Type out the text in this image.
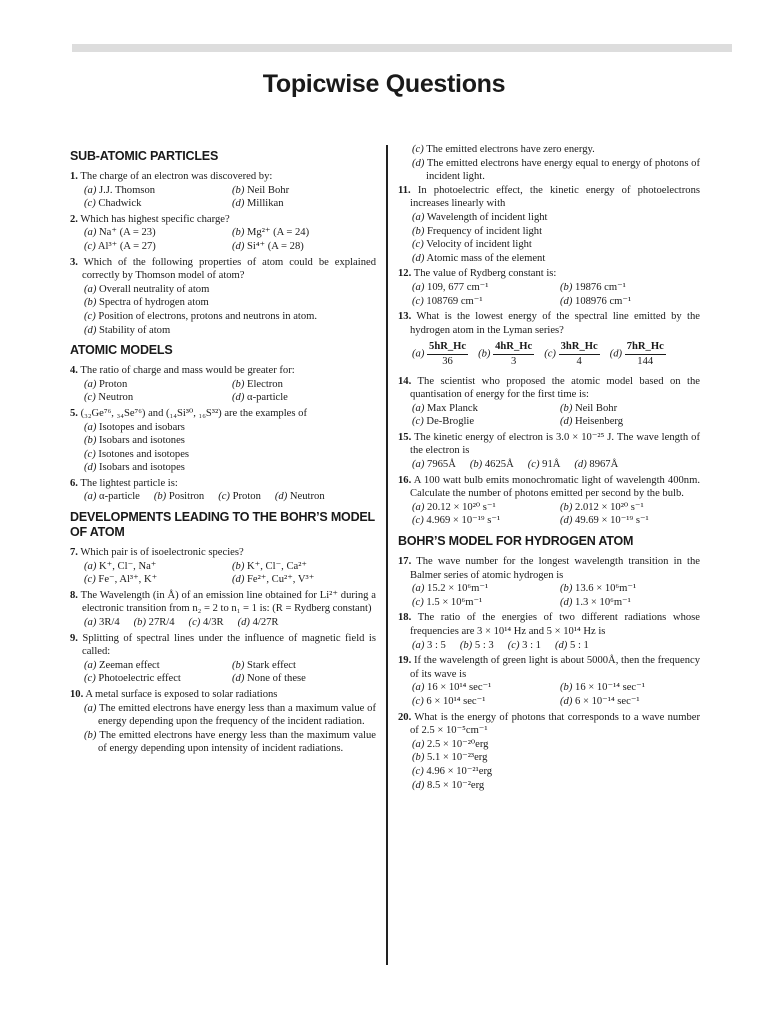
Topicwise Questions
SUB-ATOMIC PARTICLES
1. The charge of an electron was discovered by:
(a) J.J. Thomson	(b) Neil Bohr
(c) Chadwick	(d) Millikan
2. Which has highest specific charge?
(a) Na⁺ (A = 23)	(b) Mg²⁺ (A = 24)
(c) Al³⁺ (A = 27)	(d) Si⁴⁺ (A = 28)
3. Which of the following properties of atom could be explained correctly by Thomson model of atom?
(a) Overall neutrality of atom
(b) Spectra of hydrogen atom
(c) Position of electrons, protons and neutrons in atom.
(d) Stability of atom
ATOMIC MODELS
4. The ratio of charge and mass would be greater for:
(a) Proton	(b) Electron
(c) Neutron	(d) α-particle
5. (₃₂Ge⁷⁶, ₃₄Se⁷⁶) and (₁₄Si³⁰, ₁₆S³²) are the examples of
(a) Isotopes and isobars
(b) Isobars and isotones
(c) Isotones and isotopes
(d) Isobars and isotopes
6. The lightest particle is:
(a) α-particle (b) Positron (c) Proton (d) Neutron
DEVELOPMENTS LEADING TO THE BOHR’S MODEL OF ATOM
7. Which pair is of isoelectronic species?
(a) K⁺, Cl⁻, Na⁺	(b) K⁺, Cl⁻, Ca²⁺
(c) Fe⁻, Al³⁺, K⁺	(d) Fe²⁺, Cu²⁺, V³⁺
8. The Wavelength (in Å) of an emission line obtained for Li²⁺ during a electronic transition from n₂ = 2 to n₁ = 1 is: (R = Rydberg constant)
(a) 3R/4 (b) 27R/4 (c) 4/3R (d) 4/27R
9. Splitting of spectral lines under the influence of magnetic field is called:
(a) Zeeman effect	(b) Stark effect
(c) Photoelectric effect	(d) None of these
10. A metal surface is exposed to solar radiations
(a) The emitted electrons have energy less than a maximum value of energy depending upon the frequency of the incident radiation.
(b) The emitted electrons have energy less than the maximum value of energy depending upon intensity of incident radiations.
(c) The emitted electrons have zero energy.
(d) The emitted electrons have energy equal to energy of photons of incident light.
11. In photoelectric effect, the kinetic energy of photoelectrons increases linearly with
(a) Wavelength of incident light
(b) Frequency of incident light
(c) Velocity of incident light
(d) Atomic mass of the element
12. The value of Rydberg constant is:
(a) 109, 677 cm⁻¹	(b) 19876 cm⁻¹
(c) 108769 cm⁻¹	(d) 108976 cm⁻¹
13. What is the lowest energy of the spectral line emitted by the hydrogen atom in the Lyman series?
$(a) \frac{5hR\_Hc}{36} (b) \frac{4hR\_Hc}{3} (c) \frac{3hR\_Hc}{4} (d) \frac{7hR\_Hc}{144}$
14. The scientist who proposed the atomic model based on the quantisation of energy for the first time is:
(a) Max Planck	(b) Neil Bohr
(c) De-Broglie	(d) Heisenberg
15. The kinetic energy of electron is 3.0 × 10⁻²⁵ J. The wave length of the electron is
(a) 7965Å (b) 4625Å (c) 91Å (d) 8967Å
16. A 100 watt bulb emits monochromatic light of wavelength 400nm. Calculate the number of photons emitted per second by the bulb.
(a) 20.12 × 10²⁰ s⁻¹	(b) 2.012 × 10²⁰ s⁻¹
(c) 4.969 × 10⁻¹⁹ s⁻¹	(d) 49.69 × 10⁻¹⁹ s⁻¹
BOHR’S MODEL FOR HYDROGEN ATOM
17. The wave number for the longest wavelength transition in the Balmer series of atomic hydrogen is
(a) 15.2 × 10⁶m⁻¹	(b) 13.6 × 10⁶m⁻¹
(c) 1.5 × 10⁶m⁻¹	(d) 1.3 × 10⁶m⁻¹
18. The ratio of the energies of two different radiations whose frequencies are 3 × 10¹⁴ Hz and 5 × 10¹⁴ Hz is
(a) 3 : 5 (b) 5 : 3 (c) 3 : 1 (d) 5 : 1
19. If the wavelength of green light is about 5000Å, then the frequency of its wave is
(a) 16 × 10¹⁴ sec⁻¹	(b) 16 × 10⁻¹⁴ sec⁻¹
(c) 6 × 10¹⁴ sec⁻¹	(d) 6 × 10⁻¹⁴ sec⁻¹
20. What is the energy of photons that corresponds to a wave number of 2.5 × 10⁻⁵cm⁻¹
(a) 2.5 × 10⁻²⁰erg
(b) 5.1 × 10⁻²³erg
(c) 4.96 × 10⁻²¹erg
(d) 8.5 × 10⁻²erg
